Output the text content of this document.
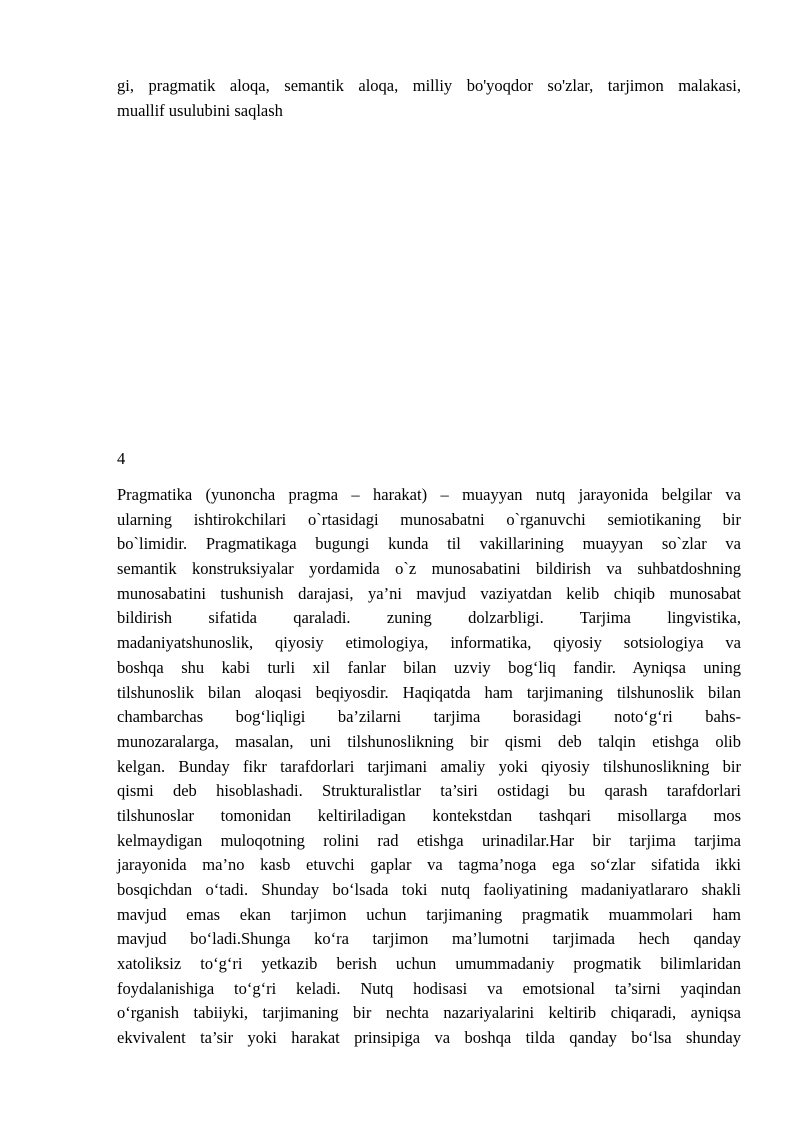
gi, pragmatik aloqa, semantik aloqa, milliy bo'yoqdor so'zlar, tarjimon malakasi,
muallif usulubini saqlash
4
Pragmatika (yunoncha pragma – harakat) – muayyan nutq jarayonida belgilar va
ularning ishtirokchilari o`rtasidagi munosabatni o`rganuvchi semiotikaning bir
bo`limidir. Pragmatikaga bugungi kunda til vakillarining muayyan so`zlar va
semantik konstruksiyalar yordamida o`z munosabatini bildirish va suhbatdoshning
munosabatini tushunish darajasi, ya’ni mavjud vaziyatdan kelib chiqib munosabat
bildirish sifatida qaraladi. zuning dolzarbligi. Tarjima lingvistika,
madaniyatshunoslik, qiyosiy etimologiya, informatika, qiyosiy sotsiologiya va
boshqa shu kabi turli xil fanlar bilan uzviy bog‘liq fandir. Ayniqsa uning
tilshunoslik bilan aloqasi beqiyosdir. Haqiqatda ham tarjimaning tilshunoslik bilan
chambarchas bog‘liqligi ba’zilarni tarjima borasidagi noto‘g‘ri bahs-
munozaralarga, masalan, uni tilshunoslikning bir qismi deb talqin etishga olib
kelgan. Bunday fikr tarafdorlari tarjimani amaliy yoki qiyosiy tilshunoslikning bir
qismi deb hisoblashadi. Strukturalistlar ta’siri ostidagi bu qarash tarafdorlari
tilshunoslar tomonidan keltiriladigan kontekstdan tashqari misollarga mos
kelmaydigan muloqotning rolini rad etishga urinadilar.Har bir tarjima tarjima
jarayonida ma’no kasb etuvchi gaplar va tagma’noga ega so‘zlar sifatida ikki
bosqichdan o‘tadi. Shunday bo‘lsada toki nutq faoliyatining madaniyatlararo shakli
mavjud emas ekan tarjimon uchun tarjimaning pragmatik muammolari ham
mavjud bo‘ladi.Shunga ko‘ra tarjimon ma’lumotni tarjimada hech qanday
xatoliksiz to‘g‘ri yetkazib berish uchun umummadaniy progmatik bilimlaridan
foydalanishiga to‘g‘ri keladi. Nutq hodisasi va emotsional ta’sirni yaqindan
o‘rganish tabiiyki, tarjimaning bir nechta nazariyalarini keltirib chiqaradi, ayniqsa
ekvivalent ta’sir yoki harakat prinsipiga va boshqa tilda qanday bo‘lsa shunday
